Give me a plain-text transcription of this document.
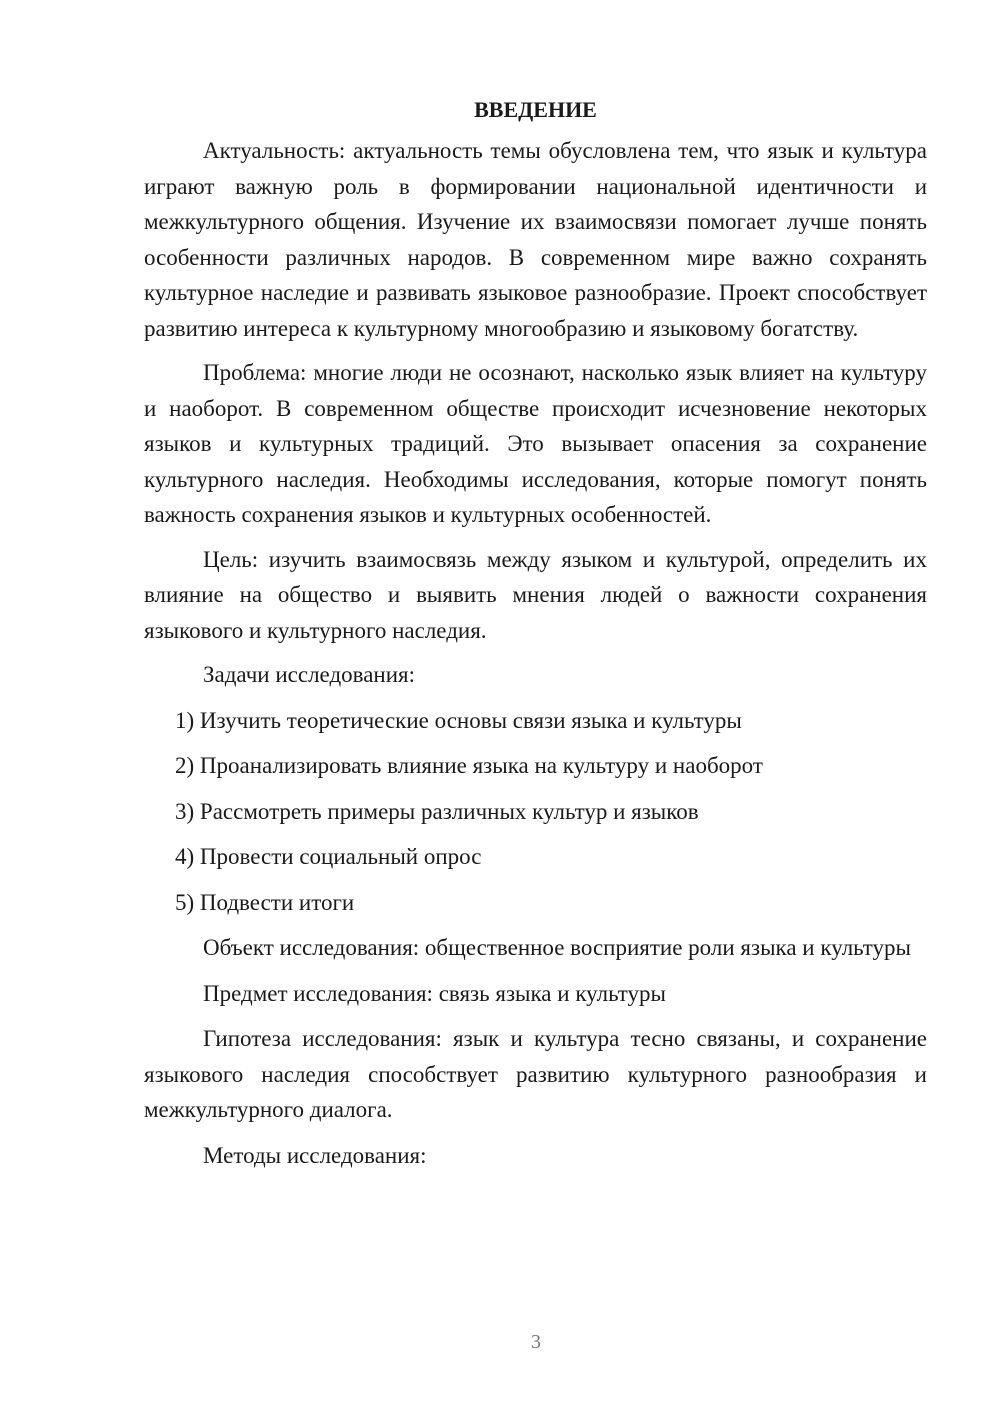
ВВЕДЕНИЕ

Актуальность: актуальность темы обусловлена тем, что язык и культура играют важную роль в формировании национальной идентичности и межкультурного общения. Изучение их взаимосвязи помогает лучше понять особенности различных народов. В современном мире важно сохранять культурное наследие и развивать языковое разнообразие. Проект способствует развитию интереса к культурному многообразию и языковому богатству.

Проблема: многие люди не осознают, насколько язык влияет на культуру и наоборот. В современном обществе происходит исчезновение некоторых языков и культурных традиций. Это вызывает опасения за сохранение культурного наследия. Необходимы исследования, которые помогут понять важность сохранения языков и культурных особенностей.

Цель: изучить взаимосвязь между языком и культурой, определить их влияние на общество и выявить мнения людей о важности сохранения языкового и культурного наследия.

Задачи исследования:

1) Изучить теоретические основы связи языка и культуры

2) Проанализировать влияние языка на культуру и наоборот

3) Рассмотреть примеры различных культур и языков

4) Провести социальный опрос

5) Подвести итоги

Объект исследования: общественное восприятие роли языка и культуры

Предмет исследования: связь языка и культуры

Гипотеза исследования: язык и культура тесно связаны, и сохранение языкового наследия способствует развитию культурного разнообразия и межкультурного диалога.

Методы исследования:

3
